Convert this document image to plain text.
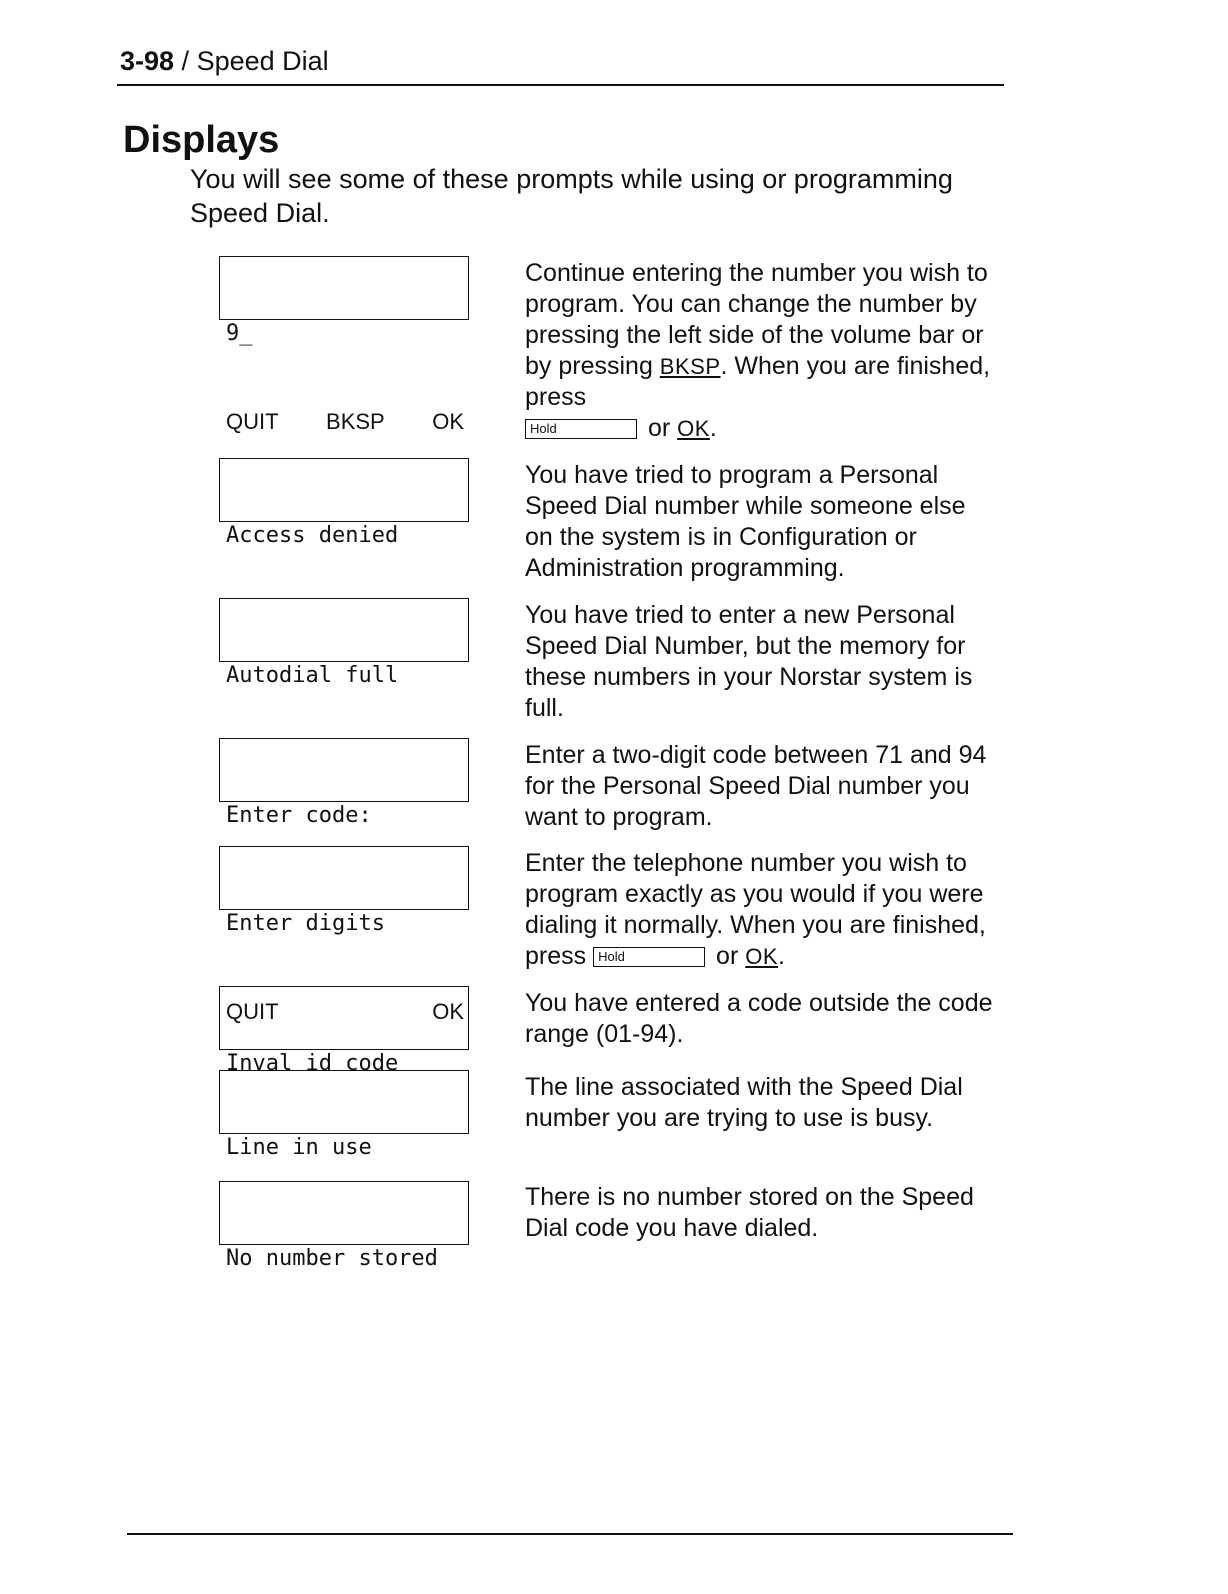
3-98 / Speed Dial
Displays
You will see some of these prompts while using or programming Speed Dial.

9_

QUIT BKSP OK

Continue entering the number you wish to program. You can change the number by pressing the left side of the volume bar or by pressing BKSP. When you are finished, press
Hold	or OK.

Access denied

You have tried to program a Personal Speed Dial number while someone else on the system is in Configuration or Administration programming.

Autodial full

You have tried to enter a new Personal Speed Dial Number, but the memory for these numbers in your Norstar system is full.

Enter code:

Enter a two-digit code between 71 and 94 for the Personal Speed Dial number you want to program.

Enter digits

QUIT	OK

Enter the telephone number you wish to program exactly as you would if you were dialing it normally. When you are finished, press Hold	or OK.

Inval id code

You have entered a code outside the code range (01-94).

Line in use

The line associated with the Speed Dial number you are trying to use is busy.

No number stored

There is no number stored on the Speed Dial code you have dialed.
